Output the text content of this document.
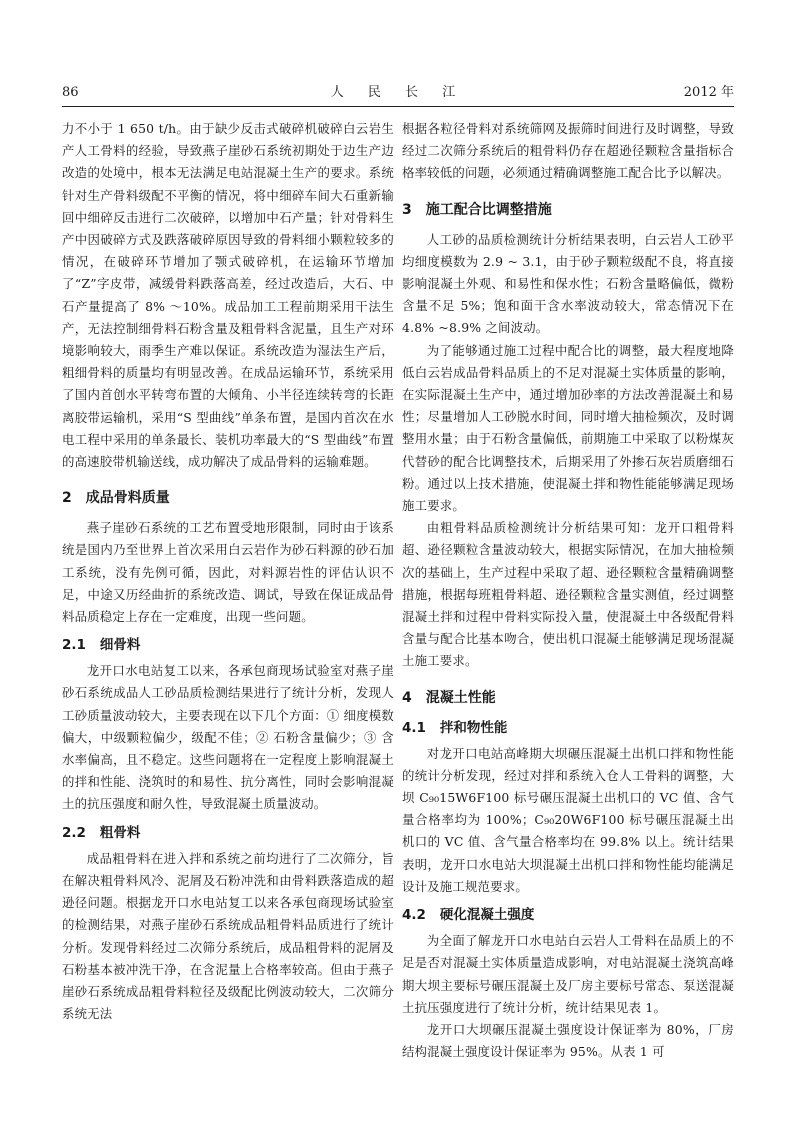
86	人 民 长 江	2012 年

力不小于 1 650 t/h。由于缺少反击式破碎机破碎白云岩生产人工骨料的经验，导致燕子崖砂石系统初期处于边生产边改造的处境中，根本无法满足电站混凝土生产的要求。系统针对生产骨料级配不平衡的情况，将中细碎车间大石重新输回中细碎反击进行二次破碎，以增加中石产量；针对骨料生产中因破碎方式及跌落破碎原因导致的骨料细小颗粒较多的情况，在破碎环节增加了颚式破碎机，在运输环节增加了“Z”字皮带，减缓骨料跌落高差，经过改造后，大石、中石产量提高了 8% ～10%。成品加工工程前期采用干法生产，无法控制细骨料石粉含量及粗骨料含泥量，且生产对环境影响较大，雨季生产难以保证。系统改造为湿法生产后，粗细骨料的质量均有明显改善。在成品运输环节，系统采用了国内首创水平转弯布置的大倾角、小半径连续转弯的长距离胶带运输机，采用“S 型曲线”单条布置，是国内首次在水电工程中采用的单条最长、装机功率最大的“S 型曲线”布置的高速胶带机输送线，成功解决了成品骨料的运输难题。

2 成品骨料质量

燕子崖砂石系统的工艺布置受地形限制，同时由于该系统是国内乃至世界上首次采用白云岩作为砂石料源的砂石加工系统，没有先例可循，因此，对料源岩性的评估认识不足，中途又历经曲折的系统改造、调试，导致在保证成品骨料品质稳定上存在一定难度，出现一些问题。

2.1 细骨料

龙开口水电站复工以来，各承包商现场试验室对燕子崖砂石系统成品人工砂品质检测结果进行了统计分析，发现人工砂质量波动较大，主要表现在以下几个方面：① 细度模数偏大，中级颗粒偏少，级配不佳；② 石粉含量偏少；③ 含水率偏高，且不稳定。这些问题将在一定程度上影响混凝土的拌和性能、浇筑时的和易性、抗分离性，同时会影响混凝土的抗压强度和耐久性，导致混凝土质量波动。

2.2 粗骨料

成品粗骨料在进入拌和系统之前均进行了二次筛分，旨在解决粗骨料风冷、泥屑及石粉冲洗和由骨料跌落造成的超逊径问题。根据龙开口水电站复工以来各承包商现场试验室的检测结果，对燕子崖砂石系统成品粗骨料品质进行了统计分析。发现骨料经过二次筛分系统后，成品粗骨料的泥屑及石粉基本被冲洗干净，在含泥量上合格率较高。但由于燕子崖砂石系统成品粗骨料粒径及级配比例波动较大，二次筛分系统无法

根据各粒径骨料对系统筛网及振筛时间进行及时调整，导致经过二次筛分系统后的粗骨料仍存在超逊径颗粒含量指标合格率较低的问题，必须通过精确调整施工配合比予以解决。

3 施工配合比调整措施

人工砂的品质检测统计分析结果表明，白云岩人工砂平均细度模数为 2.9 ~ 3.1，由于砂子颗粒级配不良，将直接影响混凝土外观、和易性和保水性；石粉含量略偏低，微粉含量不足 5%；饱和面干含水率波动较大，常态情况下在 4.8% ~8.9% 之间波动。

为了能够通过施工过程中配合比的调整，最大程度地降低白云岩成品骨料品质上的不足对混凝土实体质量的影响，在实际混凝土生产中，通过增加砂率的方法改善混凝土和易性；尽量增加人工砂脱水时间，同时增大抽检频次，及时调整用水量；由于石粉含量偏低，前期施工中采取了以粉煤灰代替砂的配合比调整技术，后期采用了外掺石灰岩质磨细石粉。通过以上技术措施，使混凝土拌和物性能能够满足现场施工要求。

由粗骨料品质检测统计分析结果可知：龙开口粗骨料超、逊径颗粒含量波动较大，根据实际情况，在加大抽检频次的基础上，生产过程中采取了超、逊径颗粒含量精确调整措施，根据每班粗骨料超、逊径颗粒含量实测值，经过调整混凝土拌和过程中骨料实际投入量，使混凝土中各级配骨料含量与配合比基本吻合，使出机口混凝土能够满足现场混凝土施工要求。

4 混凝土性能
4.1 拌和物性能

对龙开口电站高峰期大坝碾压混凝土出机口拌和物性能的统计分析发现，经过对拌和系统入仓人工骨料的调整，大坝 C₉₀15W6F100 标号碾压混凝土出机口的 VC 值、含气量合格率均为 100%；C₉₀20W6F100 标号碾压混凝土出机口的 VC 值、含气量合格率均在 99.8% 以上。统计结果表明，龙开口水电站大坝混凝土出机口拌和物性能均能满足设计及施工规范要求。

4.2 硬化混凝土强度

为全面了解龙开口水电站白云岩人工骨料在品质上的不足是否对混凝土实体质量造成影响，对电站混凝土浇筑高峰期大坝主要标号碾压混凝土及厂房主要标号常态、泵送混凝土抗压强度进行了统计分析，统计结果见表 1。

龙开口大坝碾压混凝土强度设计保证率为 80%，厂房结构混凝土强度设计保证率为 95%。从表 1 可
